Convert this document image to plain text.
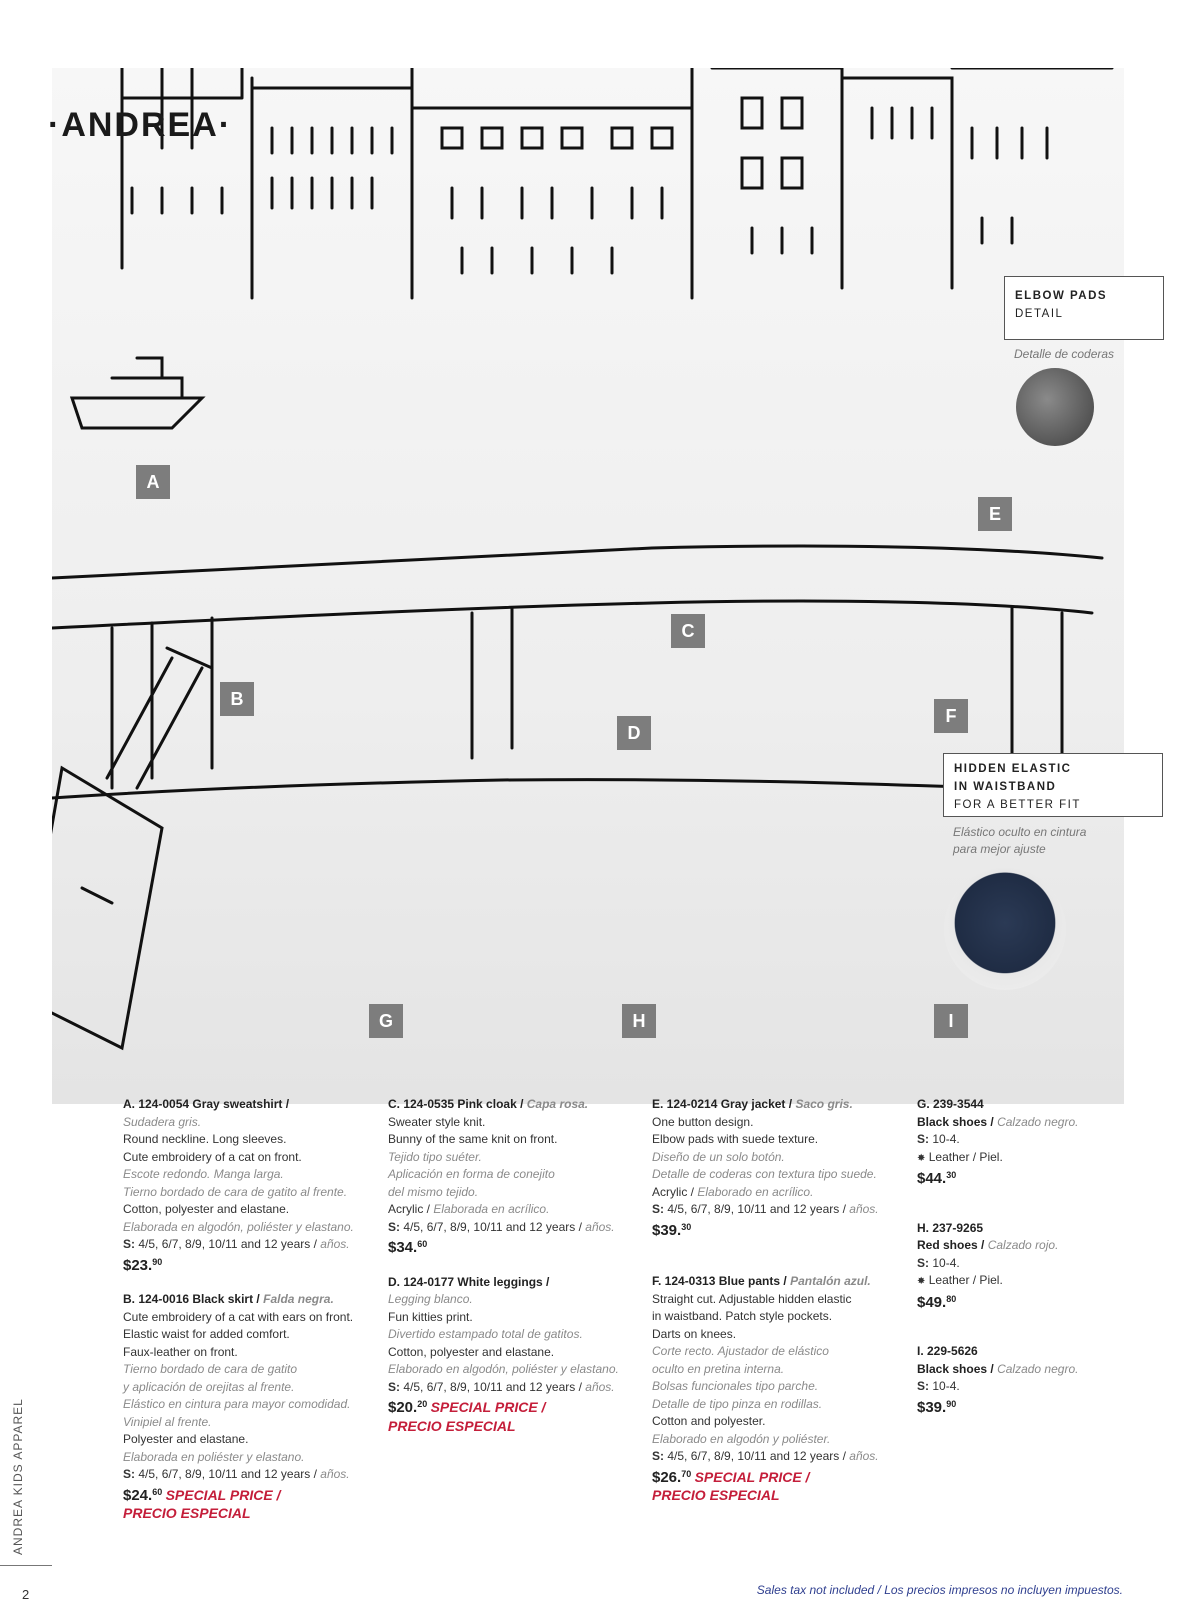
·ANDREA·
A
B
C
D
E
F
G	H	I
ELBOW PADS
DETAIL
Detalle de coderas
HIDDEN ELASTIC
IN WAISTBAND
FOR A BETTER FIT
Elástico oculto en cintura
para mejor ajuste
A. 124-0054 Gray sweatshirt /
Sudadera gris.
Round neckline. Long sleeves.
Cute embroidery of a cat on front.
Escote redondo. Manga larga.
Tierno bordado de cara de gatito al frente.
Cotton, polyester and elastane.
Elaborada en algodón, poliéster y elastano.
S: 4/5, 6/7, 8/9, 10/11 and 12 years / años.
$23.90
B. 124-0016 Black skirt / Falda negra.
Cute embroidery of a cat with ears on front.
Elastic waist for added comfort.
Faux-leather on front.
Tierno bordado de cara de gatito
y aplicación de orejitas al frente.
Elástico en cintura para mayor comodidad.
Vinipiel al frente.
Polyester and elastane.
Elaborada en poliéster y elastano.
S: 4/5, 6/7, 8/9, 10/11 and 12 years / años.
$24.60 SPECIAL PRICE /
PRECIO ESPECIAL
C. 124-0535 Pink cloak / Capa rosa.
Sweater style knit.
Bunny of the same knit on front.
Tejido tipo suéter.
Aplicación en forma de conejito
del mismo tejido.
Acrylic / Elaborada en acrílico.
S: 4/5, 6/7, 8/9, 10/11 and 12 years / años.
$34.60
D. 124-0177 White leggings /
Legging blanco.
Fun kitties print.
Divertido estampado total de gatitos.
Cotton, polyester and elastane.
Elaborado en algodón, poliéster y elastano.
S: 4/5, 6/7, 8/9, 10/11 and 12 years / años.
$20.20 SPECIAL PRICE /
PRECIO ESPECIAL
E. 124-0214 Gray jacket / Saco gris.
One button design.
Elbow pads with suede texture.
Diseño de un solo botón.
Detalle de coderas con textura tipo suede.
Acrylic / Elaborado en acrílico.
S: 4/5, 6/7, 8/9, 10/11 and 12 years / años.
$39.30
F. 124-0313 Blue pants / Pantalón azul.
Straight cut. Adjustable hidden elastic
in waistband. Patch style pockets.
Darts on knees.
Corte recto. Ajustador de elástico
oculto en pretina interna.
Bolsas funcionales tipo parche.
Detalle de tipo pinza en rodillas.
Cotton and polyester.
Elaborado en algodón y poliéster.
S: 4/5, 6/7, 8/9, 10/11 and 12 years / años.
$26.70 SPECIAL PRICE /
PRECIO ESPECIAL
G. 239-3544
Black shoes / Calzado negro.
S: 10-4.
✸ Leather / Piel.
$44.30
H. 237-9265
Red shoes / Calzado rojo.
S: 10-4.
✸ Leather / Piel.
$49.80
I. 229-5626
Black shoes / Calzado negro.
S: 10-4.
$39.90
ANDREA KIDS APPAREL
2	Sales tax not included / Los precios impresos no incluyen impuestos.
